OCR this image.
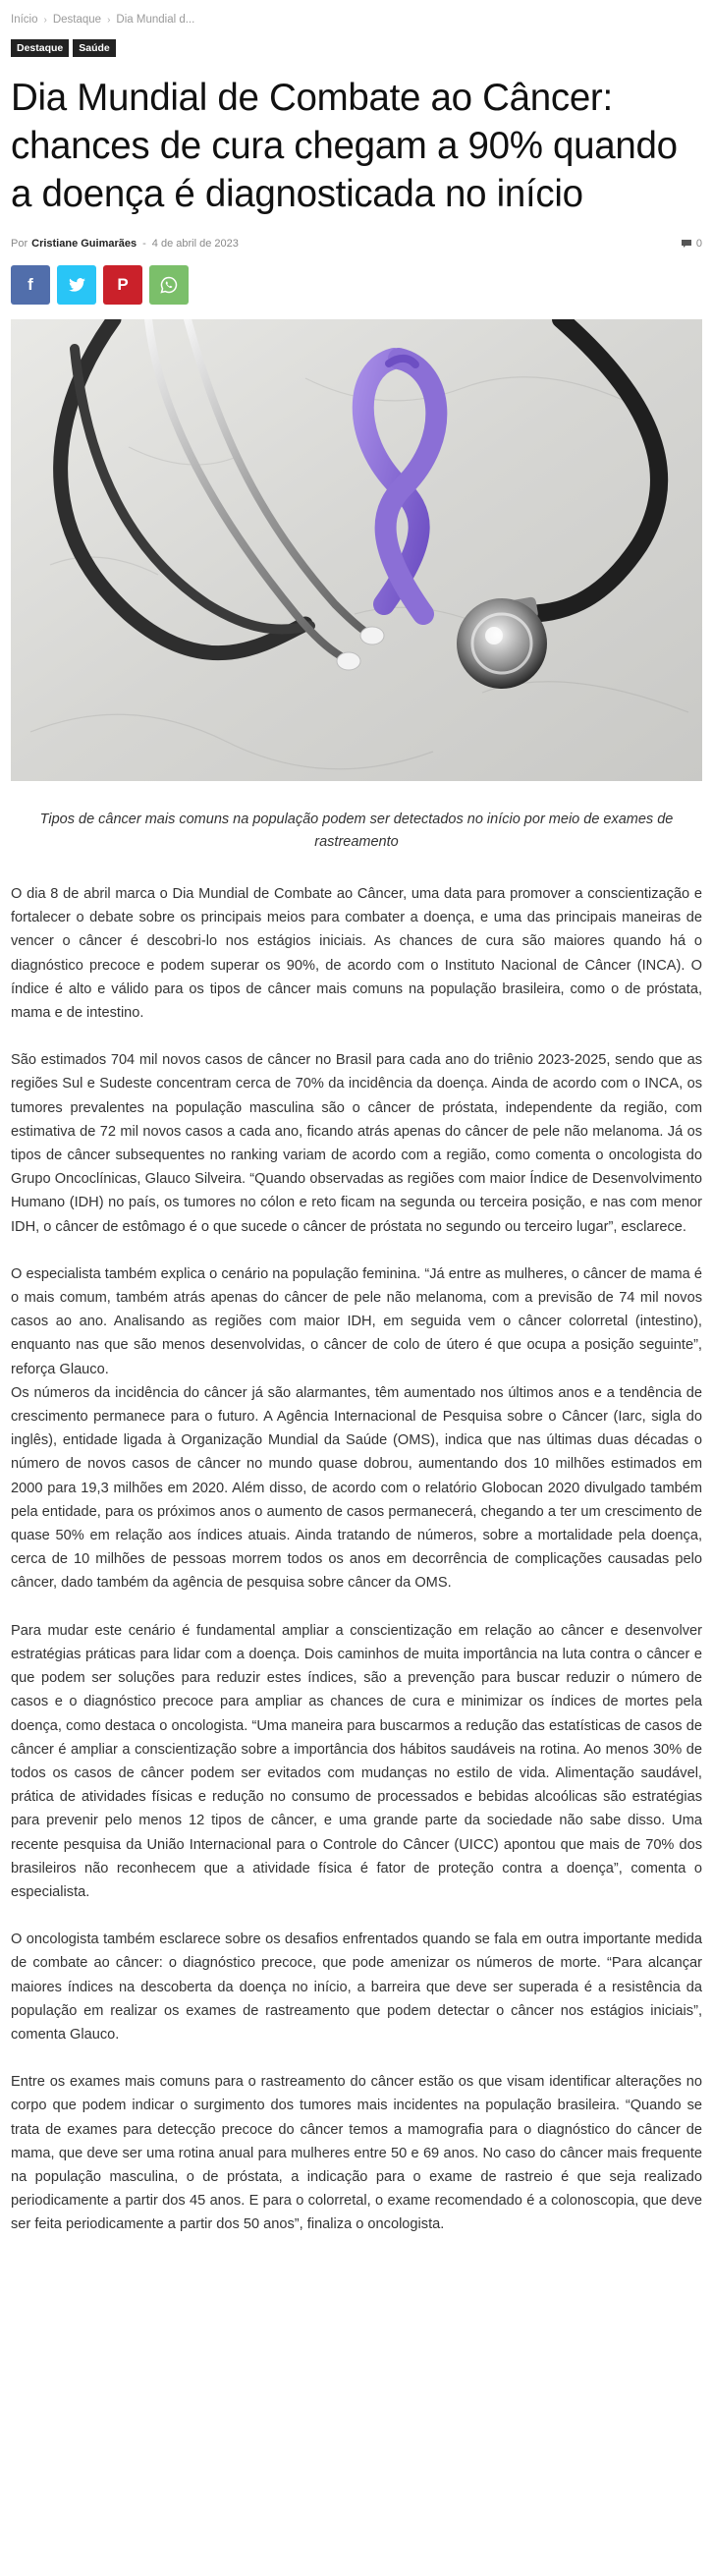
Início › Destaque › Dia Mundial d...
Destaque	Saúde
Dia Mundial de Combate ao Câncer: chances de cura chegam a 90% quando a doença é diagnosticada no início
Por Cristiane Guimarães - 4 de abril de 2023	0
f	P

Tipos de câncer mais comuns na população podem ser detectados no início por meio de exames de rastreamento

O dia 8 de abril marca o Dia Mundial de Combate ao Câncer, uma data para promover a conscientização e fortalecer o debate sobre os principais meios para combater a doença, e uma das principais maneiras de vencer o câncer é descobri-lo nos estágios iniciais. As chances de cura são maiores quando há o diagnóstico precoce e podem superar os 90%, de acordo com o Instituto Nacional de Câncer (INCA). O índice é alto e válido para os tipos de câncer mais comuns na população brasileira, como o de próstata, mama e de intestino.

São estimados 704 mil novos casos de câncer no Brasil para cada ano do triênio 2023-2025, sendo que as regiões Sul e Sudeste concentram cerca de 70% da incidência da doença. Ainda de acordo com o INCA, os tumores prevalentes na população masculina são o câncer de próstata, independente da região, com estimativa de 72 mil novos casos a cada ano, ficando atrás apenas do câncer de pele não melanoma. Já os tipos de câncer subsequentes no ranking variam de acordo com a região, como comenta o oncologista do Grupo Oncoclínicas, Glauco Silveira. “Quando observadas as regiões com maior Índice de Desenvolvimento Humano (IDH) no país, os tumores no cólon e reto ficam na segunda ou terceira posição, e nas com menor IDH, o câncer de estômago é o que sucede o câncer de próstata no segundo ou terceiro lugar”, esclarece.

O especialista também explica o cenário na população feminina. “Já entre as mulheres, o câncer de mama é o mais comum, também atrás apenas do câncer de pele não melanoma, com a previsão de 74 mil novos casos ao ano. Analisando as regiões com maior IDH, em seguida vem o câncer colorretal (intestino), enquanto nas que são menos desenvolvidas, o câncer de colo de útero é que ocupa a posição seguinte”, reforça Glauco.

Os números da incidência do câncer já são alarmantes, têm aumentado nos últimos anos e a tendência de crescimento permanece para o futuro. A Agência Internacional de Pesquisa sobre o Câncer (Iarc, sigla do inglês), entidade ligada à Organização Mundial da Saúde (OMS), indica que nas últimas duas décadas o número de novos casos de câncer no mundo quase dobrou, aumentando dos 10 milhões estimados em 2000 para 19,3 milhões em 2020. Além disso, de acordo com o relatório Globocan 2020 divulgado também pela entidade, para os próximos anos o aumento de casos permanecerá, chegando a ter um crescimento de quase 50% em relação aos índices atuais. Ainda tratando de números, sobre a mortalidade pela doença, cerca de 10 milhões de pessoas morrem todos os anos em decorrência de complicações causadas pelo câncer, dado também da agência de pesquisa sobre câncer da OMS.

Para mudar este cenário é fundamental ampliar a conscientização em relação ao câncer e desenvolver estratégias práticas para lidar com a doença. Dois caminhos de muita importância na luta contra o câncer e que podem ser soluções para reduzir estes índices, são a prevenção para buscar reduzir o número de casos e o diagnóstico precoce para ampliar as chances de cura e minimizar os índices de mortes pela doença, como destaca o oncologista. “Uma maneira para buscarmos a redução das estatísticas de casos de câncer é ampliar a conscientização sobre a importância dos hábitos saudáveis na rotina. Ao menos 30% de todos os casos de câncer podem ser evitados com mudanças no estilo de vida. Alimentação saudável, prática de atividades físicas e redução no consumo de processados e bebidas alcoólicas são estratégias para prevenir pelo menos 12 tipos de câncer, e uma grande parte da sociedade não sabe disso. Uma recente pesquisa da União Internacional para o Controle do Câncer (UICC) apontou que mais de 70% dos brasileiros não reconhecem que a atividade física é fator de proteção contra a doença”, comenta o especialista.

O oncologista também esclarece sobre os desafios enfrentados quando se fala em outra importante medida de combate ao câncer: o diagnóstico precoce, que pode amenizar os números de morte. “Para alcançar maiores índices na descoberta da doença no início, a barreira que deve ser superada é a resistência da população em realizar os exames de rastreamento que podem detectar o câncer nos estágios iniciais”, comenta Glauco.

Entre os exames mais comuns para o rastreamento do câncer estão os que visam identificar alterações no corpo que podem indicar o surgimento dos tumores mais incidentes na população brasileira. “Quando se trata de exames para detecção precoce do câncer temos a mamografia para o diagnóstico do câncer de mama, que deve ser uma rotina anual para mulheres entre 50 e 69 anos. No caso do câncer mais frequente na população masculina, o de próstata, a indicação para o exame de rastreio é que seja realizado periodicamente a partir dos 45 anos. E para o colorretal, o exame recomendado é a colonoscopia, que deve ser feita periodicamente a partir dos 50 anos”, finaliza o oncologista.
